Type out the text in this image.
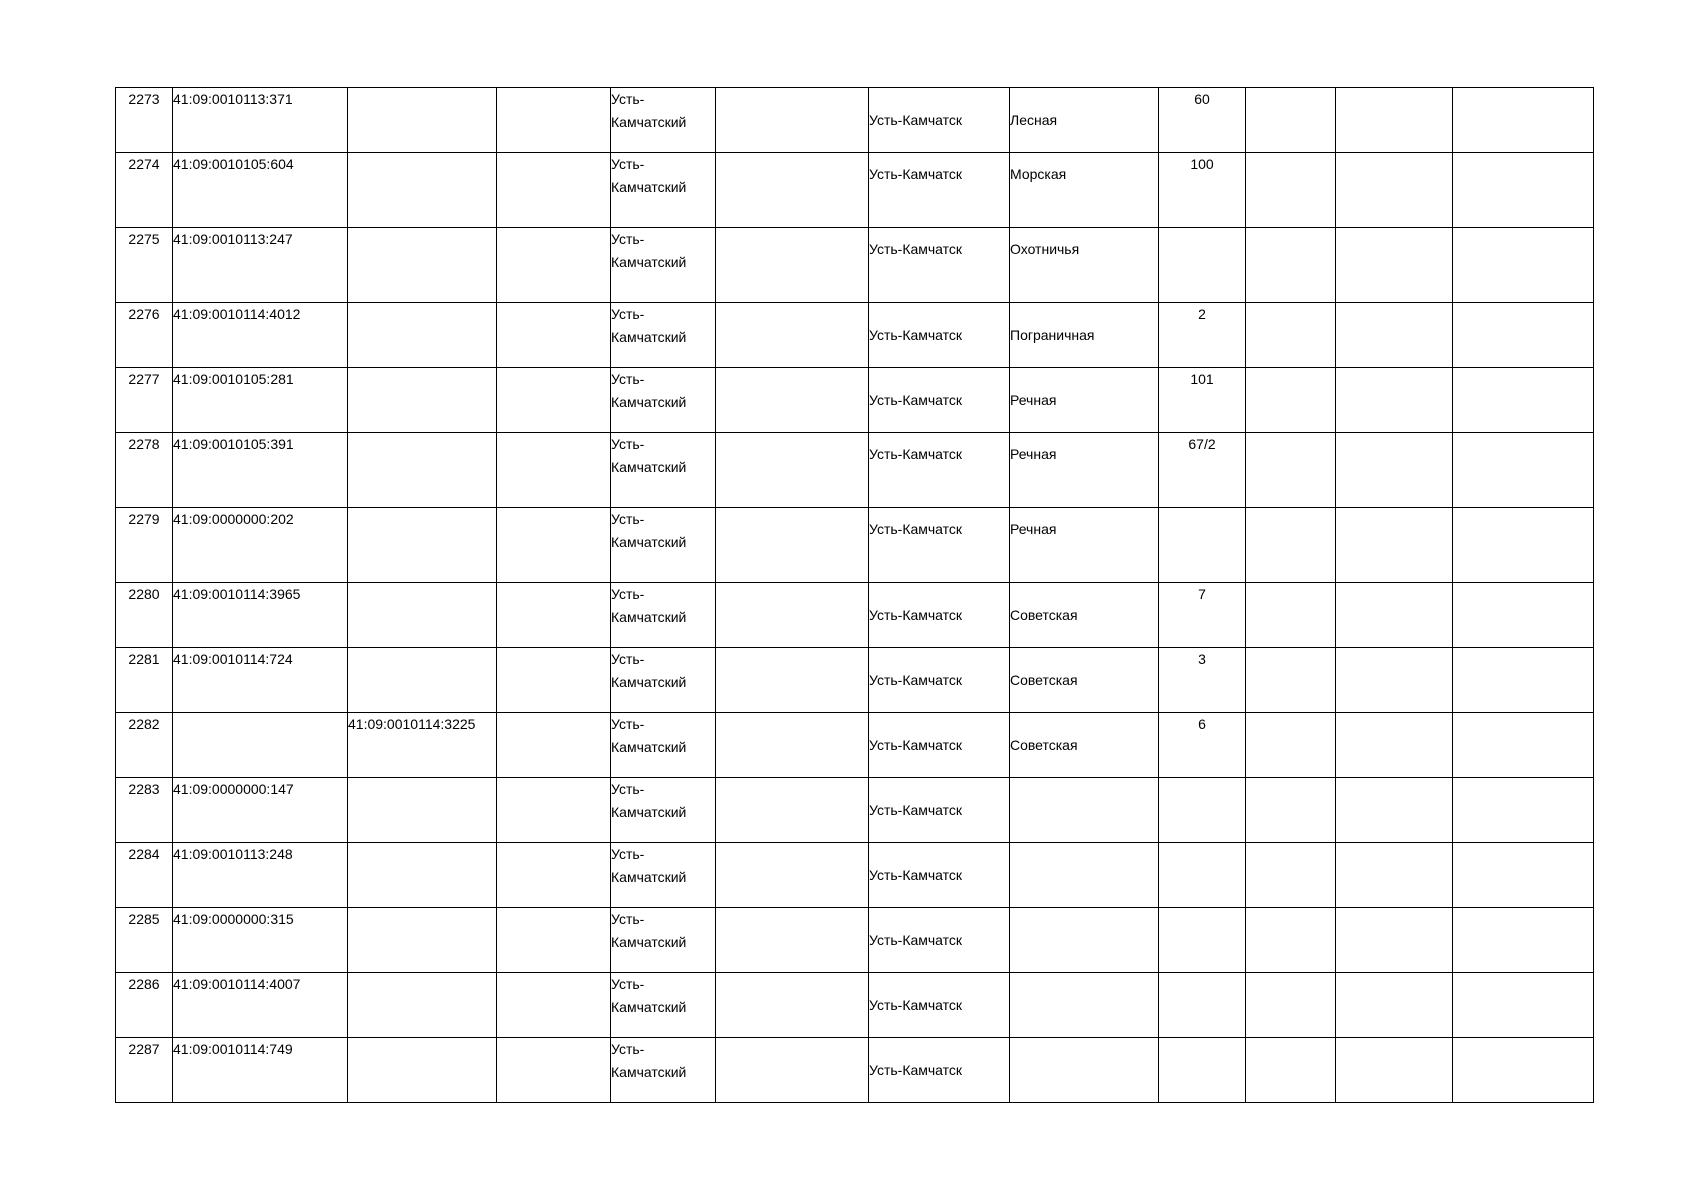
2273	41:09:0010113:371			Усть-
Камчатский		Усть-Камчатск	Лесная	60			
2274	41:09:0010105:604			Усть-
Камчатский		Усть-Камчатск	Морская	100			
2275	41:09:0010113:247			Усть-
Камчатский		Усть-Камчатск	Охотничья				
2276	41:09:0010114:4012			Усть-
Камчатский		Усть-Камчатск	Пограничная	2			
2277	41:09:0010105:281			Усть-
Камчатский		Усть-Камчатск	Речная	101			
2278	41:09:0010105:391			Усть-
Камчатский		Усть-Камчатск	Речная	67/2			
2279	41:09:0000000:202			Усть-
Камчатский		Усть-Камчатск	Речная				
2280	41:09:0010114:3965			Усть-
Камчатский		Усть-Камчатск	Советская	7			
2281	41:09:0010114:724			Усть-
Камчатский		Усть-Камчатск	Советская	3			
2282		41:09:0010114:3225		Усть-
Камчатский		Усть-Камчатск	Советская	6			
2283	41:09:0000000:147			Усть-
Камчатский		Усть-Камчатск					
2284	41:09:0010113:248			Усть-
Камчатский		Усть-Камчатск					
2285	41:09:0000000:315			Усть-
Камчатский		Усть-Камчатск					
2286	41:09:0010114:4007			Усть-
Камчатский		Усть-Камчатск					
2287	41:09:0010114:749			Усть-
Камчатский		Усть-Камчатск					
